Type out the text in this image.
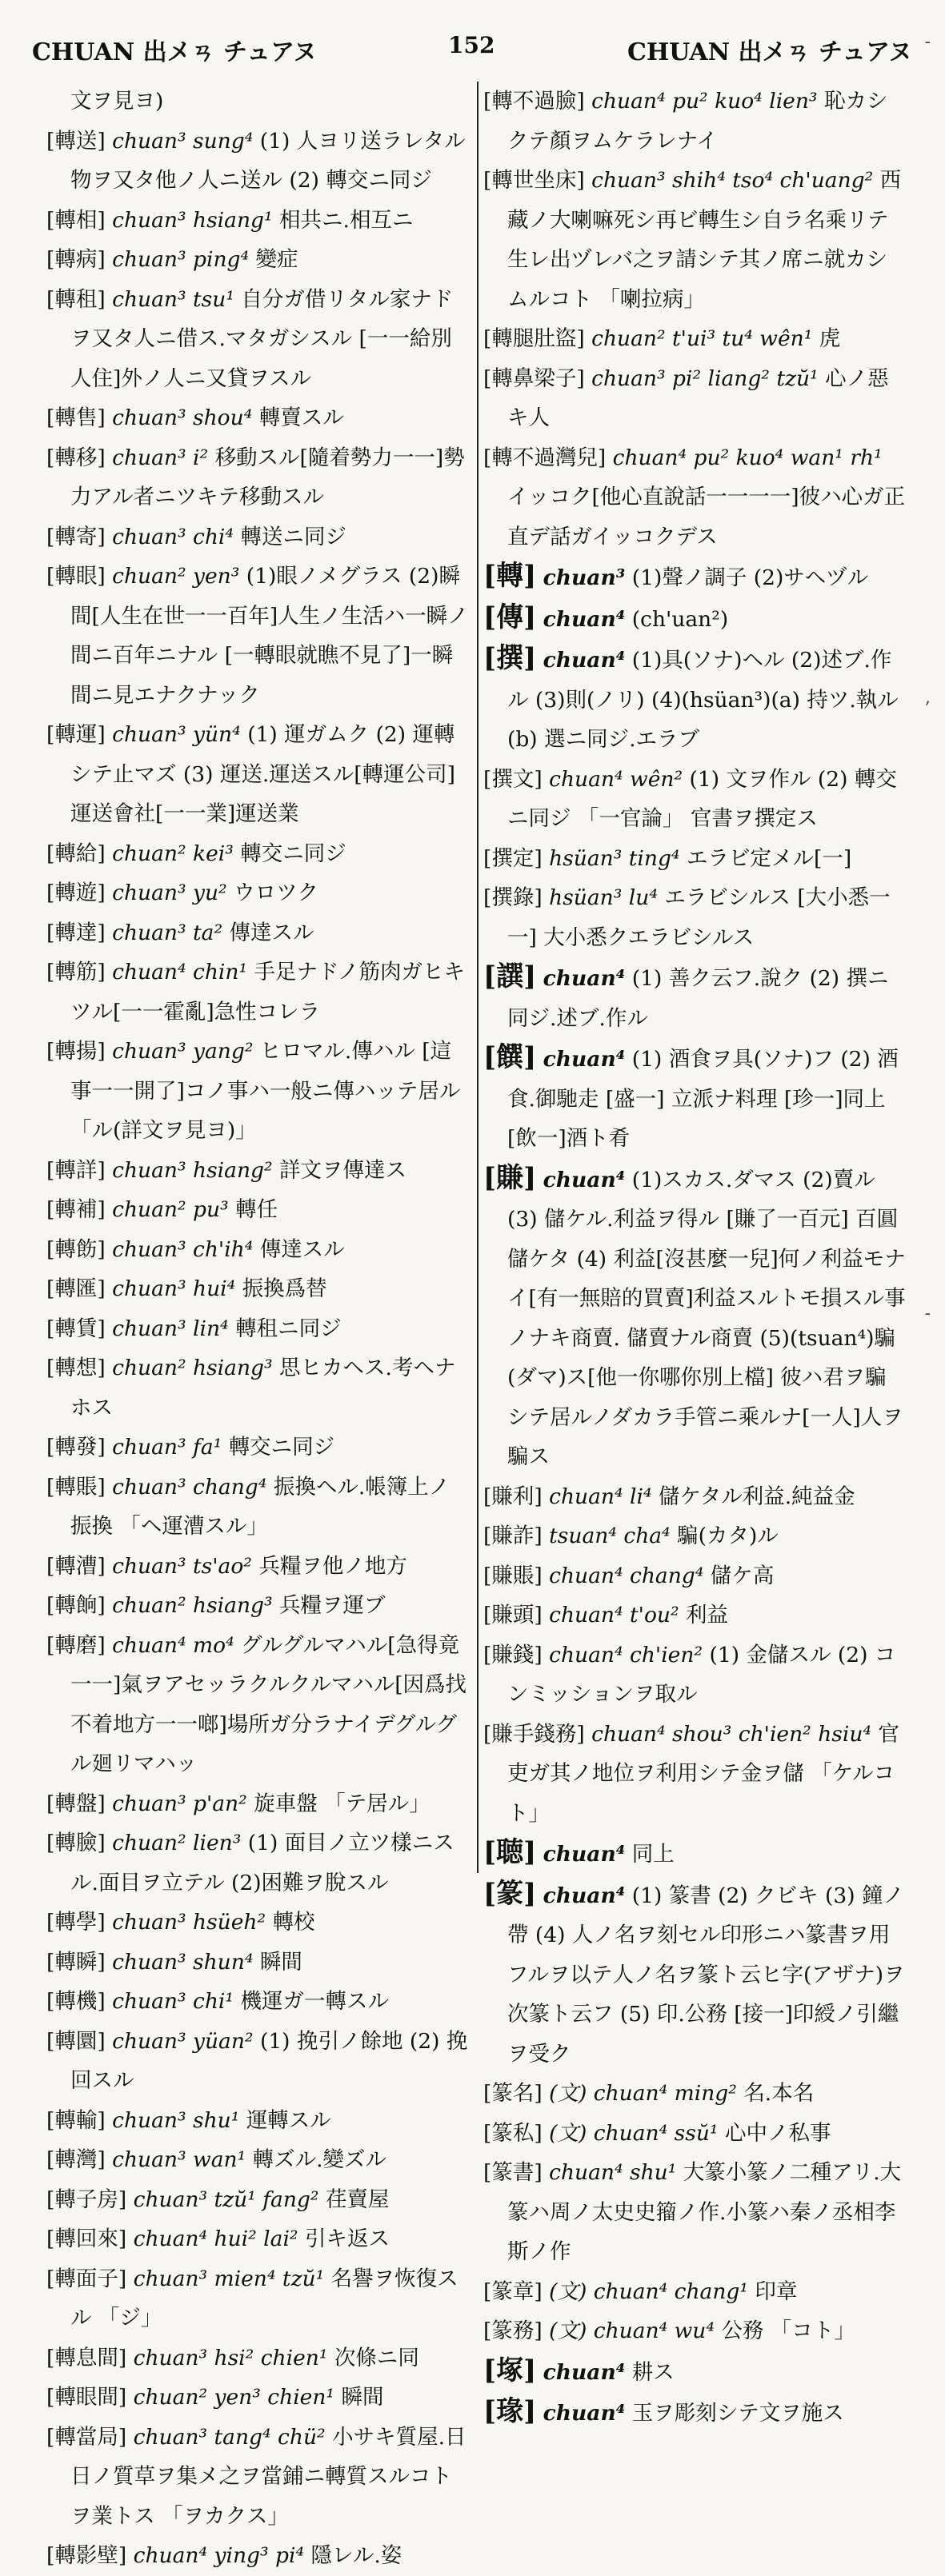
CHUAN 出メㄢ チュアヌ	152	CHUAN 出メㄢ チュアヌ

文ヲ見ヨ)

[轉送] chuan³ sung⁴ (1) 人ヨリ送ラレタル物ヲ又タ他ノ人ニ送ル (2) 轉交ニ同ジ

[轉相] chuan³ hsiang¹ 相共ニ.相互ニ

[轉病] chuan³ ping⁴ 變症

[轉租] chuan³ tsu¹ 自分ガ借リタル家ナドヲ又タ人ニ借ス.マタガシスル [一一給別人住]外ノ人ニ又貸ヲスル

[轉售] chuan³ shou⁴ 轉賣スル

[轉移] chuan³ i² 移動スル[隨着勢力一一]勢力アル者ニツキテ移動スル

[轉寄] chuan³ chi⁴ 轉送ニ同ジ

[轉眼] chuan² yen³ (1)眼ノメグラス (2)瞬間[人生在世一一百年]人生ノ生活ハ一瞬ノ間ニ百年ニナル [一轉眼就瞧不見了]一瞬間ニ見エナクナック

[轉運] chuan³ yün⁴ (1) 運ガムク (2) 運轉シテ止マズ (3) 運送.運送スル[轉運公司]運送會社[一一業]運送業

[轉給] chuan² kei³ 轉交ニ同ジ

[轉遊] chuan³ yu² ウロツク

[轉達] chuan³ ta² 傳達スル

[轉筋] chuan⁴ chin¹ 手足ナドノ筋肉ガヒキツル[一一霍亂]急性コレラ

[轉揚] chuan³ yang² ヒロマル.傳ハル [這事一一開了]コノ事ハ一般ニ傳ハッテ居ル 「ル(詳文ヲ見ヨ)」

[轉詳] chuan³ hsiang² 詳文ヲ傳達ス

[轉補] chuan² pu³ 轉任

[轉飭] chuan³ ch'ih⁴ 傳達スル

[轉匯] chuan³ hui⁴ 振換爲替

[轉賃] chuan³ lin⁴ 轉租ニ同ジ

[轉想] chuan² hsiang³ 思ヒカヘス.考ヘナホス

[轉發] chuan³ fa¹ 轉交ニ同ジ

[轉賬] chuan³ chang⁴ 振換ヘル.帳簿上ノ振換 「ヘ運漕スル」

[轉漕] chuan³ ts'ao² 兵糧ヲ他ノ地方

[轉餉] chuan² hsiang³ 兵糧ヲ運ブ

[轉磨] chuan⁴ mo⁴ グルグルマハル[急得竟一一]氣ヲアセッラクルクルマハル[因爲找不着地方一一啷]場所ガ分ラナイデグルグル廻リマハッ

[轉盤] chuan³ p'an² 旋車盤 「テ居ル」

[轉臉] chuan² lien³ (1) 面目ノ立ツ樣ニスル.面目ヲ立テル (2)困難ヲ脫スル

[轉學] chuan³ hsüeh² 轉校

[轉瞬] chuan³ shun⁴ 瞬間

[轉機] chuan³ chi¹ 機運ガ一轉スル

[轉圜] chuan³ yüan² (1) 挽引ノ餘地 (2) 挽回スル

[轉輸] chuan³ shu¹ 運轉スル

[轉灣] chuan³ wan¹ 轉ズル.變ズル

[轉子房] chuan³ tzŭ¹ fang² 荏賣屋

[轉回來] chuan⁴ hui² lai² 引キ返ス

[轉面子] chuan³ mien⁴ tzŭ¹ 名譽ヲ恢復スル 「ジ」

[轉息間] chuan³ hsi² chien¹ 次條ニ同

[轉眼間] chuan² yen³ chien¹ 瞬間

[轉當局] chuan³ tang⁴ chü² 小サキ質屋.日日ノ質草ヲ集メ之ヲ當鋪ニ轉質スルコトヲ業トス 「ヲカクス」

[轉影壁] chuan⁴ ying³ pi⁴ 隱レル.姿

[轉不過臉] chuan⁴ pu² kuo⁴ lien³ 恥カシクテ顏ヲムケラレナイ

[轉世坐床] chuan³ shih⁴ tso⁴ ch'uang² 西藏ノ大喇嘛死シ再ビ轉生シ自ラ名乘リテ生レ出ヅレバ之ヲ請シテ其ノ席ニ就カシムルコト 「喇拉病」

[轉腿肚盜] chuan² t'ui³ tu⁴ wên¹ 虎

[轉鼻梁子] chuan³ pi² liang² tzŭ¹ 心ノ惡キ人

[轉不過灣兒] chuan⁴ pu² kuo⁴ wan¹ rh¹ イッコク[他心直說話一一一一]彼ハ心ガ正直デ話ガイッコクデス

[轉] chuan³ (1)聲ノ調子 (2)サヘヅル

[傳] chuan⁴ (ch'uan²)

[撰] chuan⁴ (1)具(ソナ)ヘル (2)述ブ.作ル (3)則(ノリ) (4)(hsüan³)(a) 持ツ.執ル (b) 選ニ同ジ.エラブ

[撰文] chuan⁴ wên² (1) 文ヲ作ル (2) 轉交ニ同ジ 「一官論」 官書ヲ撰定ス

[撰定] hsüan³ ting⁴ エラビ定メル[一]

[撰錄] hsüan³ lu⁴ エラビシルス [大小悉一一] 大小悉クエラビシルス

[譔] chuan⁴ (1) 善ク云フ.說ク (2) 撰ニ同ジ.述ブ.作ル

[饌] chuan⁴ (1) 酒食ヲ具(ソナ)フ (2) 酒食.御馳走 [盛一] 立派ナ料理 [珍一]同上[飲一]酒ト肴

[賺] chuan⁴ (1)スカス.ダマス (2)賣ル (3) 儲ケル.利益ヲ得ル [賺了一百元] 百圓儲ケタ (4) 利益[沒甚麼一兒]何ノ利益モナイ[有一無賠的買賣]利益スルトモ損スル事ノナキ商賣. 儲賣ナル商賣 (5)(tsuan⁴)騙(ダマ)ス[他一你哪你別上檔] 彼ハ君ヲ騙シテ居ルノダカラ手管ニ乘ルナ[一人]人ヲ騙ス

[賺利] chuan⁴ li⁴ 儲ケタル利益.純益金

[賺詐] tsuan⁴ cha⁴ 騙(カタ)ル

[賺賬] chuan⁴ chang⁴ 儲ケ高

[賺頭] chuan⁴ t'ou² 利益

[賺錢] chuan⁴ ch'ien² (1) 金儲スル (2) コンミッションヲ取ル

[賺手錢務] chuan⁴ shou³ ch'ien² hsiu⁴ 官吏ガ其ノ地位ヲ利用シテ金ヲ儲 「ケルコト」

[聴] chuan⁴ 同上

[篆] chuan⁴ (1) 篆書 (2) クビキ (3) 鐘ノ帶 (4) 人ノ名ヲ刻セル印形ニハ篆書ヲ用フルヲ以テ人ノ名ヲ篆ト云ヒ字(アザナ)ヲ次篆ト云フ (5) 印.公務 [接一]印綬ノ引繼ヲ受ク

[篆名] (文) chuan⁴ ming² 名.本名

[篆私] (文) chuan⁴ ssŭ¹ 心中ノ私事

[篆書] chuan⁴ shu¹ 大篆小篆ノ二種アリ.大篆ハ周ノ太史史籀ノ作.小篆ハ秦ノ丞相李斯ノ作

[篆章] (文) chuan⁴ chang¹ 印章

[篆務] (文) chuan⁴ wu⁴ 公務 「コト」

[塚] chuan⁴ 耕ス

[瑑] chuan⁴ 玉ヲ彫刻シテ文ヲ施ス

-
,
-
